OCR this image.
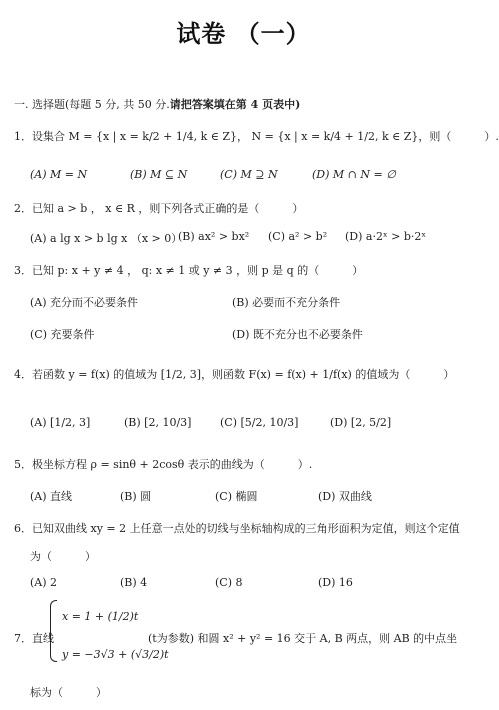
试卷 （一）
一. 选择题(每题 5 分, 共 50 分.请把答案填在第 4 页表中)
1．设集合 M = {x | x = k/2 + 1/4, k ∈ Z}， N = {x | x = k/4 + 1/2, k ∈ Z}，则（　　　）.
(A) M = N	(B) M ⊆ N	(C) M ⊇ N	(D) M ∩ N = ∅
2．已知 a > b ， x ∈ R ，则下列各式正确的是（　　　）
(A) a lg x > b lg x （x > 0）
(B) ax² > bx² (C) a² > b² (D) a·2ˣ > b·2ˣ
3．已知 p: x + y ≠ 4 ， q: x ≠ 1 或 y ≠ 3 ，则 p 是 q 的（　　　）
(A) 充分而不必要条件	(B) 必要而不充分条件
(C) 充要条件	(D) 既不充分也不必要条件
4．若函数 y = f(x) 的值域为 [1/2, 3]，则函数 F(x) = f(x) + 1/f(x) 的值域为（　　　）
(A) [1/2, 3]	(B) [2, 10/3]	(C) [5/2, 10/3]	(D) [2, 5/2]
5．极坐标方程 ρ = sinθ + 2cosθ 表示的曲线为（　　　）.
(A) 直线	(B) 圆	(C) 椭圆	(D) 双曲线
6．已知双曲线 xy = 2 上任意一点处的切线与坐标轴构成的三角形面积为定值，则这个定值
为（　　　）
(A) 2	(B) 4	(C) 8	(D) 16
7．直线
x = 1 + (1/2)t
y = −3√3 + (√3/2)t
(t为参数) 和圆 x² + y² = 16 交于 A, B 两点，则 AB 的中点坐
标为（　　　）
